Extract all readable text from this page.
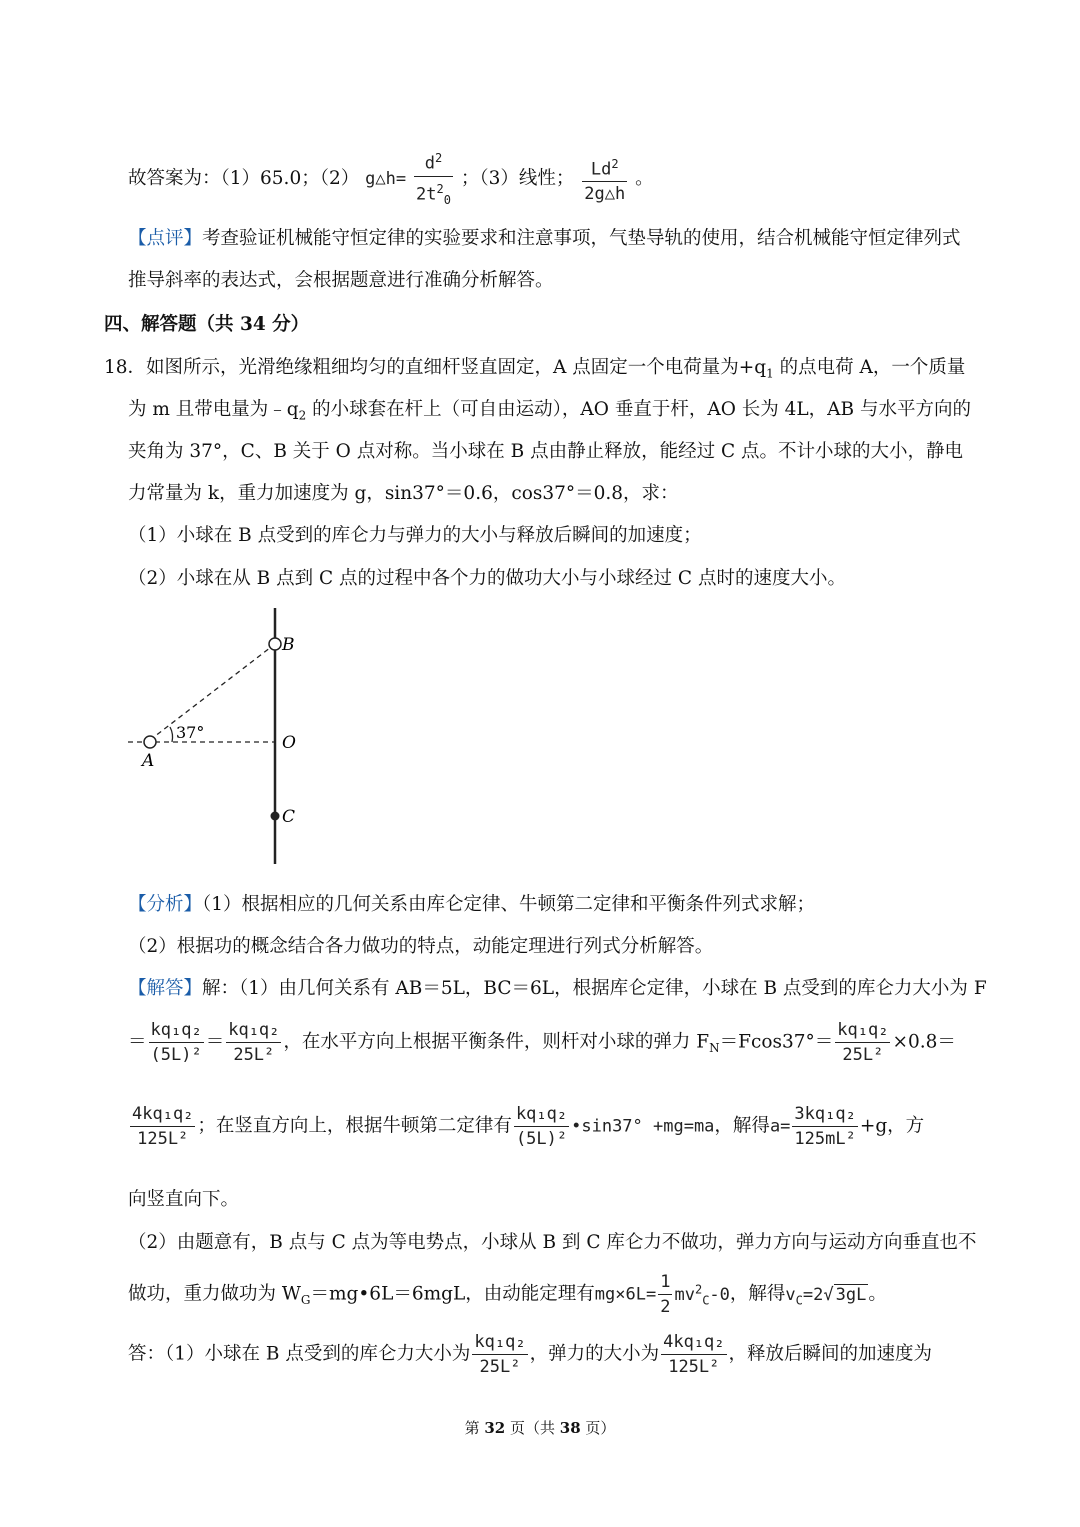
故答案为：（1）65.0；（2） g△h= $\frac{d^2}{2t^2_0}$ ；（3）线性； $\frac{Ld^2}{2g\triangle h}$ 。
【点评】考查验证机械能守恒定律的实验要求和注意事项，气垫导轨的使用，结合机械能守恒定律列式
推导斜率的表达式，会根据题意进行准确分析解答。
四、解答题（共 34 分）
18．如图所示，光滑绝缘粗细均匀的直细杆竖直固定，A 点固定一个电荷量为$+q_1$ 的点电荷 A，一个质量
为 m 且带电量为$﹣q_2$ 的小球套在杆上（可自由运动），AO 垂直于杆，AO 长为 4L，AB 与水平方向的
夹角为 37°，C、B 关于 O 点对称。当小球在 B 点由静止释放，能经过 C 点。不计小球的大小，静电
力常量为 k，重力加速度为 g，sin37°＝0.6，cos37°＝0.8，求：
（1）小球在 B 点受到的库仑力与弹力的大小与释放后瞬间的加速度；
（2）小球在从 B 点到 C 点的过程中各个力的做功大小与小球经过 C 点时的速度大小。
37°
B
O
C
A
【分析】（1）根据相应的几何关系由库仑定律、牛顿第二定律和平衡条件列式求解；
（2）根据功的概念结合各力做功的特点，动能定理进行列式分析解答。
【解答】解：（1）由几何关系有 AB＝5L，BC＝6L，根据库仑定律，小球在 B 点受到的库仑力大小为 F
＝ $\frac{\text{kq₁q₂}}{\text{(5L)²}} = \frac{\text{kq₁q₂}}{\text{25L²}}$ ，在水平方向上根据平衡条件，则杆对小球的弹力 $F_N=Fcos37^\circ= \frac{\text{kq₁q₂}}{\text{25L²}} \times 0.8=$
$\frac{\text{4kq₁q₂}}{\text{125L²}}$ ；在竖直方向上，根据牛顿第二定律有 $\frac{\text{kq₁q₂}}{\text{(5L)²}}$ •sin37° +mg=ma，解得$a= \frac{\text{3kq₁q₂}}{\text{125mL²}} +g$，方
向竖直向下。
（2）由题意有，B 点与 C 点为等电势点，小球从 B 到 C 库仑力不做功，弹力方向与运动方向垂直也不
做功，重力做功为 $W_G=mg•6L=6mgL$，由动能定理有$mg\times 6L= \frac{1}{2} mv^2_C-0$，解得$v_C=2√$ 3gL 。
答：（1）小球在 B 点受到的库仑力大小为 $\frac{\text{kq₁q₂}}{\text{25L²}}$ ，弹力的大小为 $\frac{\text{4kq₁q₂}}{\text{125L²}}$ ，释放后瞬间的加速度为
第 32 页（共 38 页）
